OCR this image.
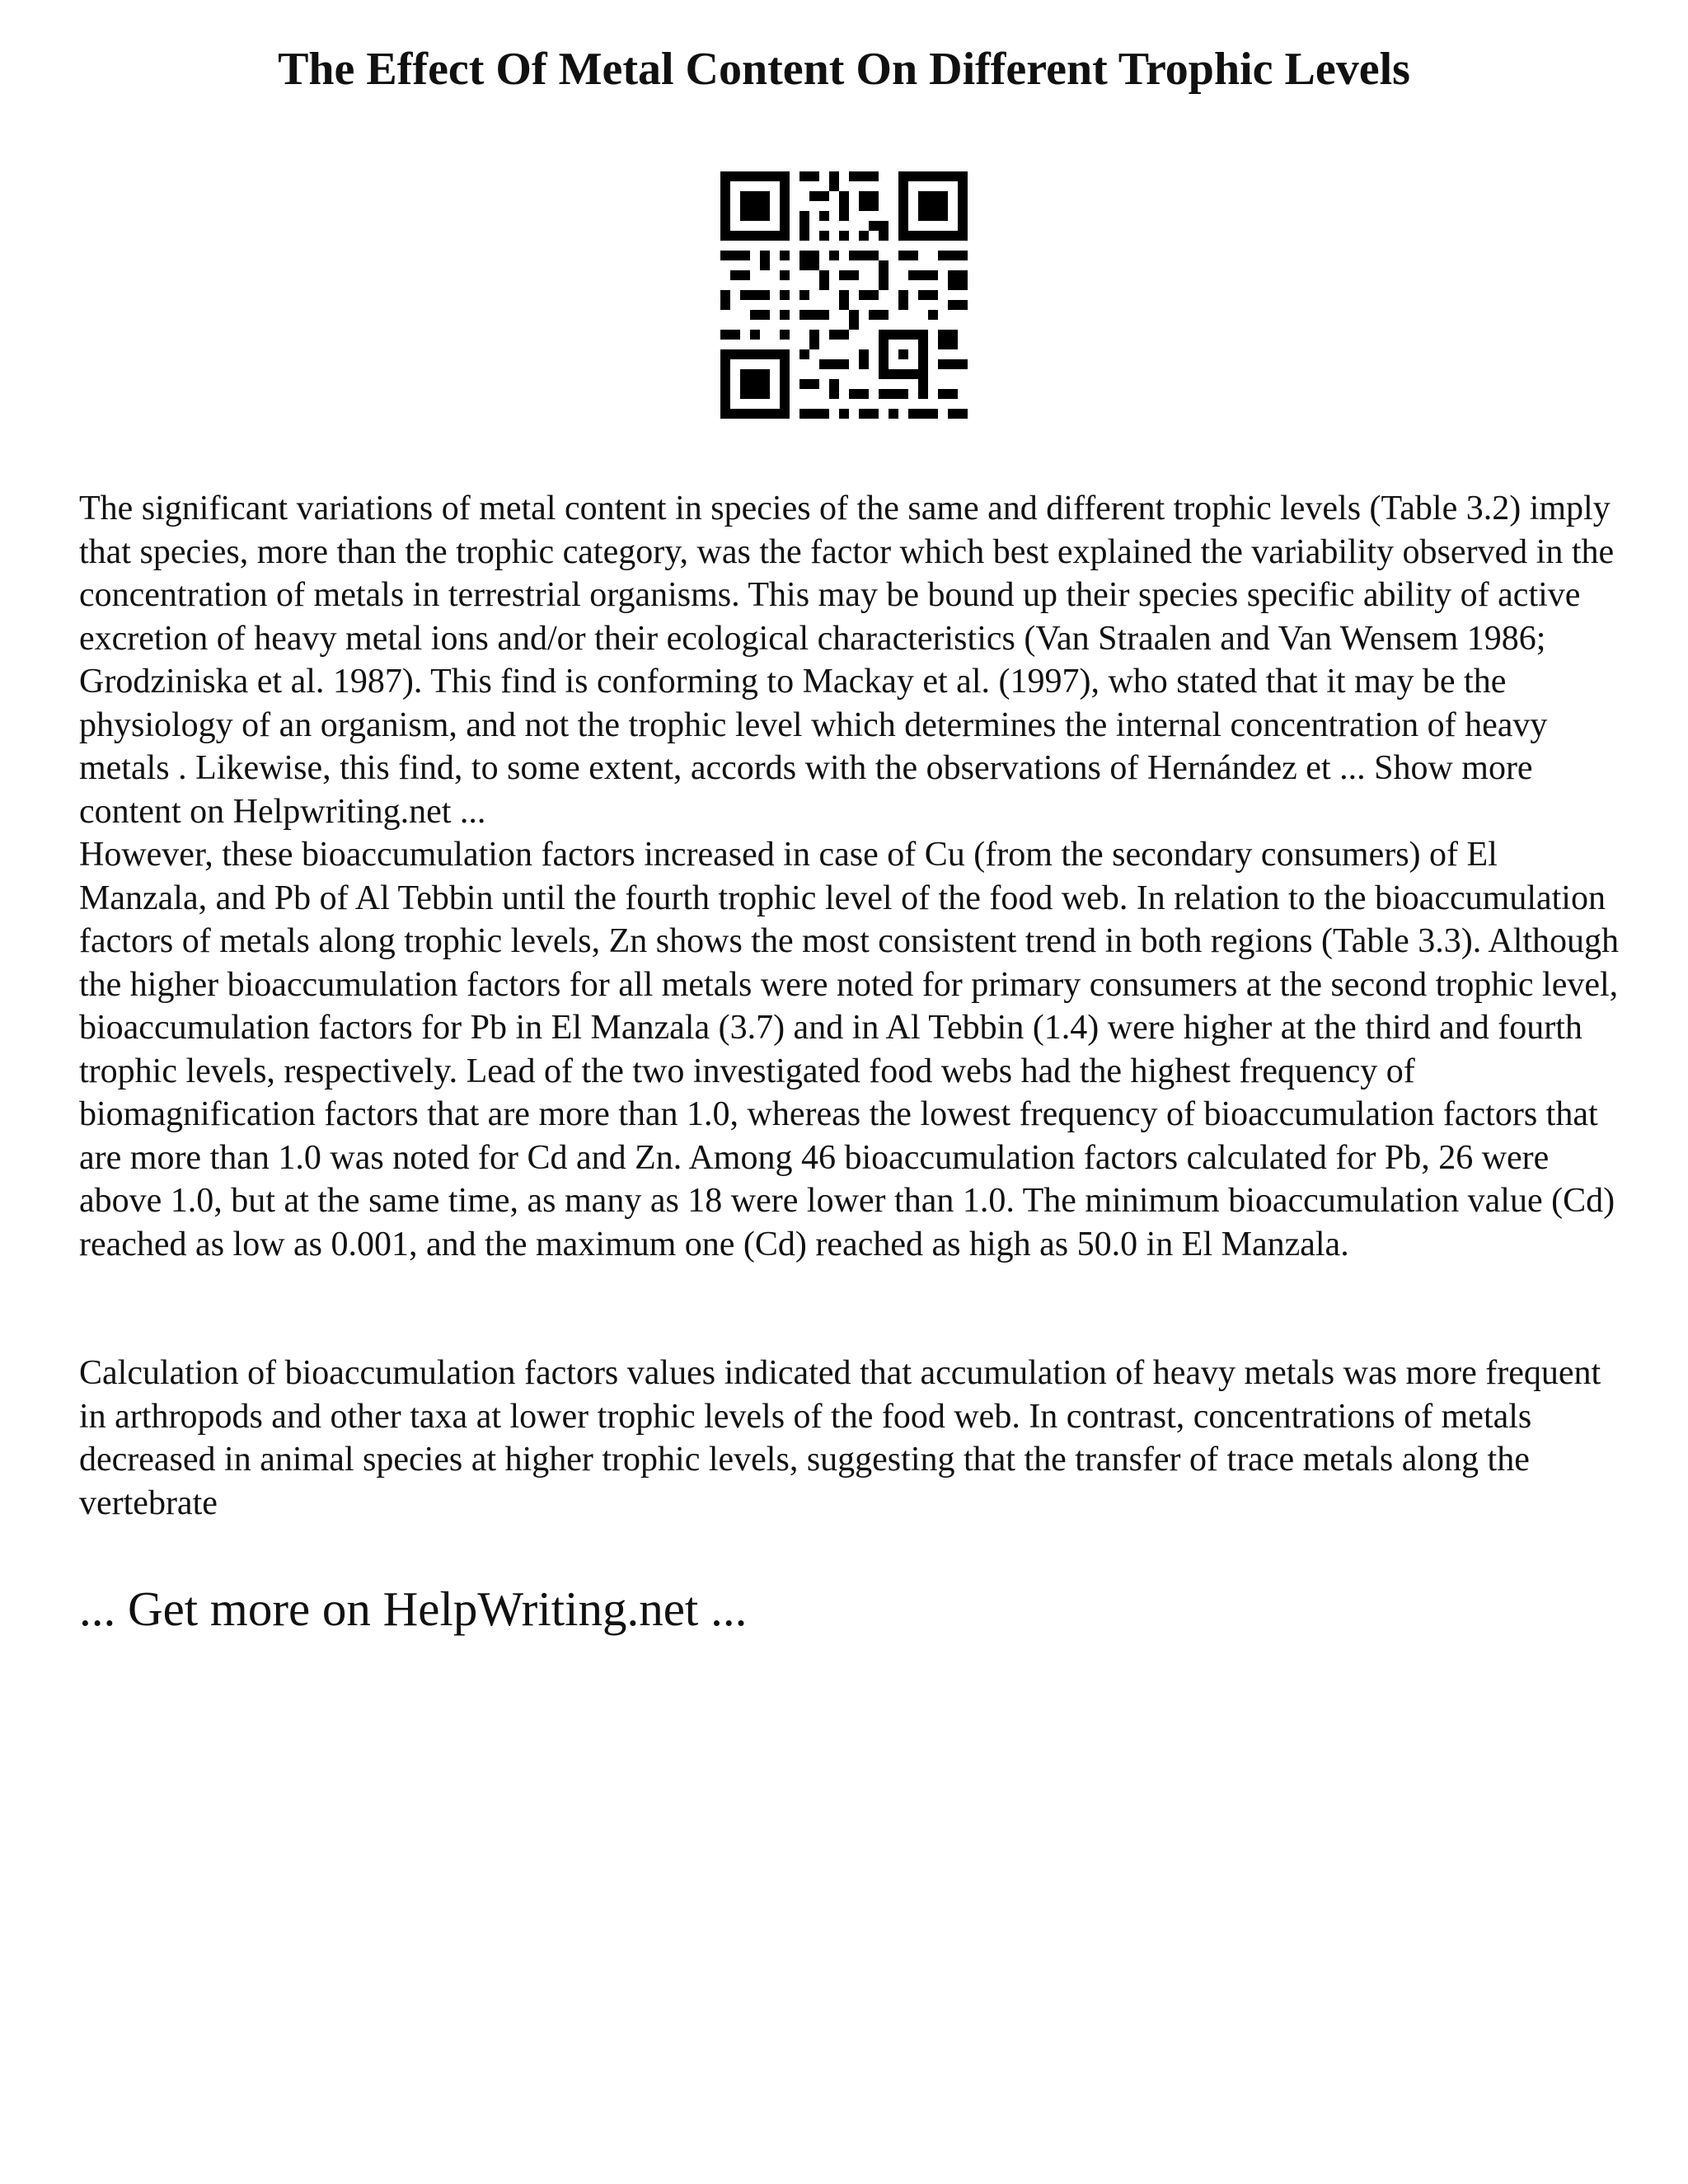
The Effect Of Metal Content On Different Trophic Levels
The significant variations of metal content in species of the same and different trophic levels (Table 3.2) imply that species, more than the trophic category, was the factor which best explained the variability observed in the concentration of metals in terrestrial organisms. This may be bound up their species specific ability of active excretion of heavy metal ions and/or their ecological characteristics (Van Straalen and Van Wensem 1986; Grodziniska et al. 1987). This find is conforming to Mackay et al. (1997), who stated that it may be the physiology of an organism, and not the trophic level which determines the internal concentration of heavy metals . Likewise, this find, to some extent, accords with the observations of Hernández et ... Show more content on Helpwriting.net ...
However, these bioaccumulation factors increased in case of Cu (from the secondary consumers) of El Manzala, and Pb of Al Tebbin until the fourth trophic level of the food web. In relation to the bioaccumulation factors of metals along trophic levels, Zn shows the most consistent trend in both regions (Table 3.3). Although the higher bioaccumulation factors for all metals were noted for primary consumers at the second trophic level, bioaccumulation factors for Pb in El Manzala (3.7) and in Al Tebbin (1.4) were higher at the third and fourth trophic levels, respectively. Lead of the two investigated food webs had the highest frequency of biomagnification factors that are more than 1.0, whereas the lowest frequency of bioaccumulation factors that are more than 1.0 was noted for Cd and Zn. Among 46 bioaccumulation factors calculated for Pb, 26 were above 1.0, but at the same time, as many as 18 were lower than 1.0. The minimum bioaccumulation value (Cd) reached as low as 0.001, and the maximum one (Cd) reached as high as 50.0 in El Manzala.

Calculation of bioaccumulation factors values indicated that accumulation of heavy metals was more frequent in arthropods and other taxa at lower trophic levels of the food web. In contrast, concentrations of metals decreased in animal species at higher trophic levels, suggesting that the transfer of trace metals along the vertebrate

... Get more on HelpWriting.net ...
